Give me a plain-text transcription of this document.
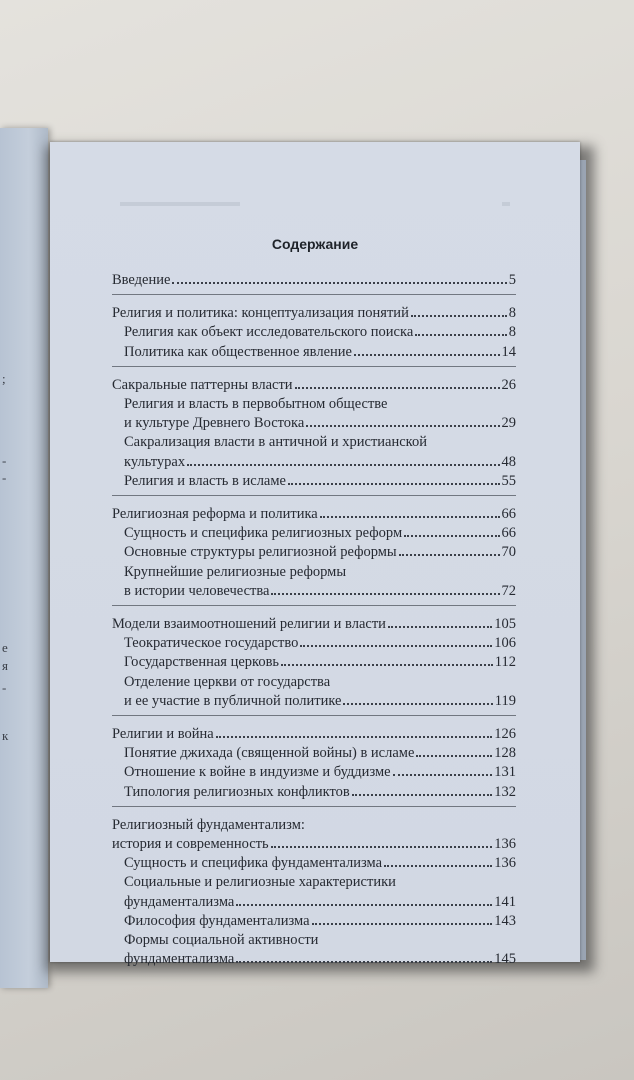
;
-
-
е
я
-
к
Содержание
Введение	5
Религия и политика: концептуализация понятий	8
Религия как объект исследовательского поиска	8
Политика как общественное явление	14
Сакральные паттерны власти	26
Религия и власть в первобытном обществе
и культуре Древнего Востока	29
Сакрализация власти в античной и христианской
культурах	48
Религия и власть в исламе	55
Религиозная реформа и политика	66
Сущность и специфика религиозных реформ	66
Основные структуры религиозной реформы	70
Крупнейшие религиозные реформы
в истории человечества	72
Модели взаимоотношений религии и власти	105
Теократическое государство	106
Государственная церковь	112
Отделение церкви от государства
и ее участие в публичной политике	119
Религии и война	126
Понятие джихада (священной войны) в исламе	128
Отношение к войне в индуизме и буддизме	131
Типология религиозных конфликтов	132
Религиозный фундаментализм:
история и современность	136
Сущность и специфика фундаментализма	136
Социальные и религиозные характеристики
фундаментализма	141
Философия фундаментализма	143
Формы социальной активности
фундаментализма	145
